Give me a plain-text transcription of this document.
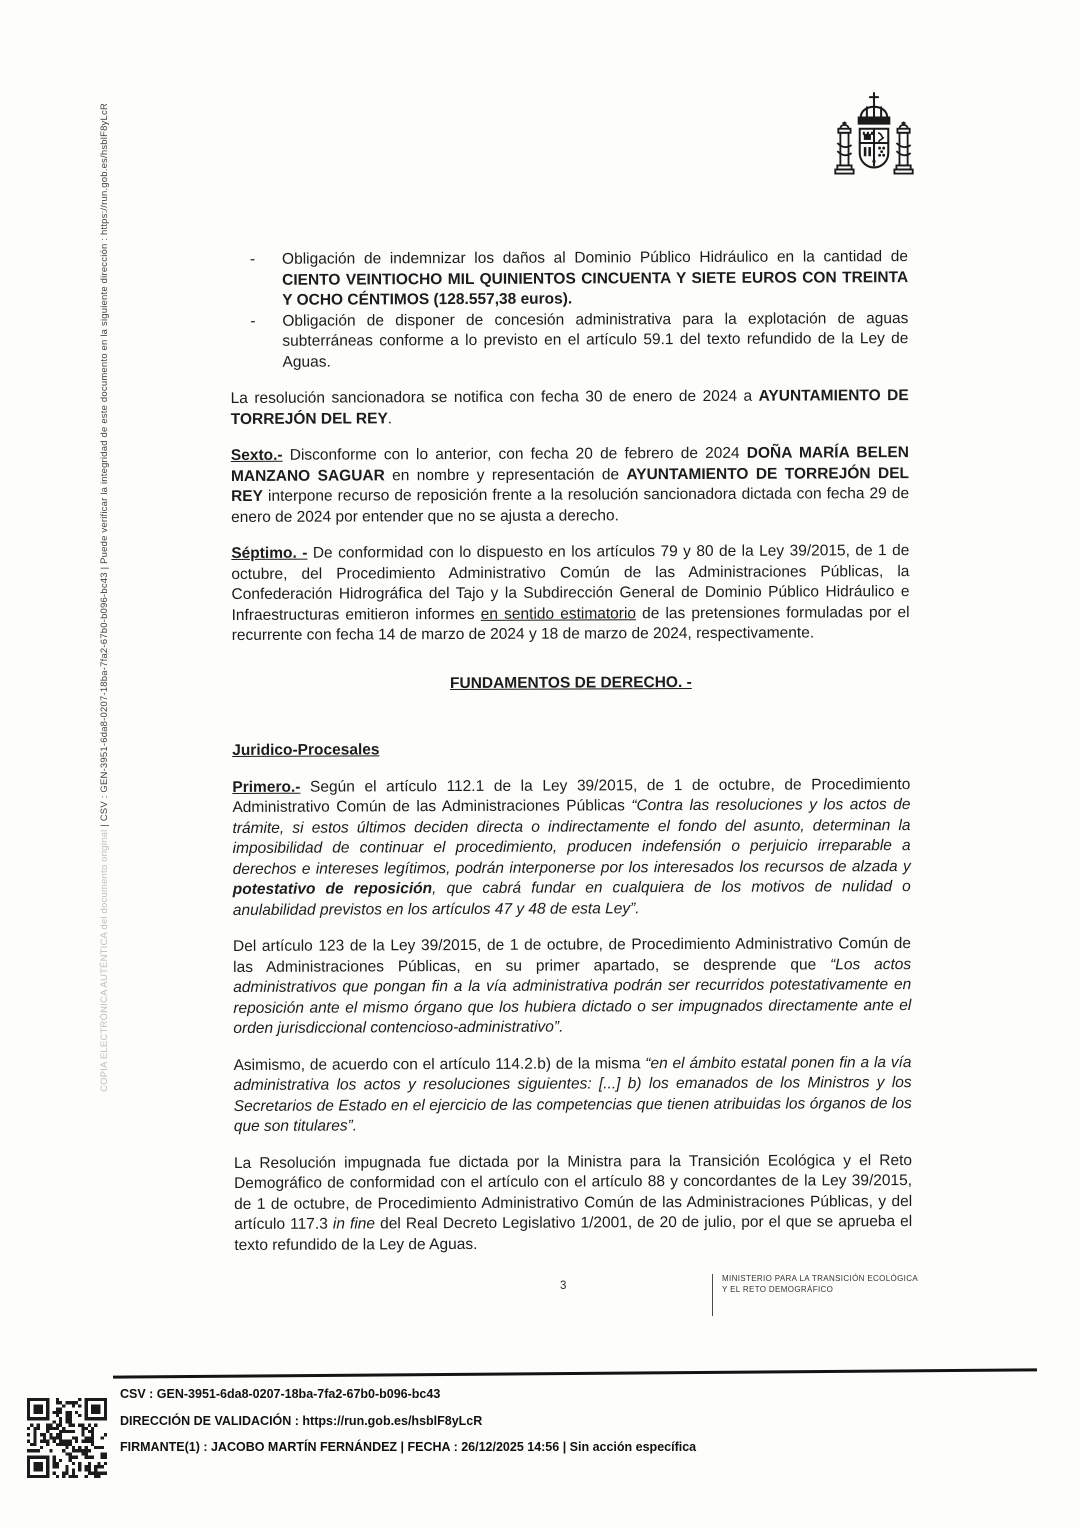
COPIA ELECTRÓNICA AUTÉNTICA del documento original | CSV : GEN-3951-6da8-0207-18ba-7fa2-67b0-b096-bc43 | Puede verificar la integridad de este documento en la siguiente dirección : https://run.gob.es/hsblF8yLcR	-	Obligación de indemnizar los daños al Dominio Público Hidráulico en la cantidad de CIENTO VEINTIOCHO MIL QUINIENTOS CINCUENTA Y SIETE EUROS CON TREINTA Y OCHO CÉNTIMOS (128.557,38 euros).
-	Obligación de disponer de concesión administrativa para la explotación de aguas subterráneas conforme a lo previsto en el artículo 59.1 del texto refundido de la Ley de Aguas.

La resolución sancionadora se notifica con fecha 30 de enero de 2024 a AYUNTAMIENTO DE TORREJÓN DEL REY.

Sexto.- Disconforme con lo anterior, con fecha 20 de febrero de 2024 DOÑA MARÍA BELEN MANZANO SAGUAR en nombre y representación de AYUNTAMIENTO DE TORREJÓN DEL REY interpone recurso de reposición frente a la resolución sancionadora dictada con fecha 29 de enero de 2024 por entender que no se ajusta a derecho.

Séptimo. - De conformidad con lo dispuesto en los artículos 79 y 80 de la Ley 39/2015, de 1 de octubre, del Procedimiento Administrativo Común de las Administraciones Públicas, la Confederación Hidrográfica del Tajo y la Subdirección General de Dominio Público Hidráulico e Infraestructuras emitieron informes en sentido estimatorio de las pretensiones formuladas por el recurrente con fecha 14 de marzo de 2024 y 18 de marzo de 2024, respectivamente.

FUNDAMENTOS DE DERECHO. -

Juridico-Procesales

Primero.- Según el artículo 112.1 de la Ley 39/2015, de 1 de octubre, de Procedimiento Administrativo Común de las Administraciones Públicas “Contra las resoluciones y los actos de trámite, si estos últimos deciden directa o indirectamente el fondo del asunto, determinan la imposibilidad de continuar el procedimiento, producen indefensión o perjuicio irreparable a derechos e intereses legítimos, podrán interponerse por los interesados los recursos de alzada y potestativo de reposición, que cabrá fundar en cualquiera de los motivos de nulidad o anulabilidad previstos en los artículos 47 y 48 de esta Ley”.

Del artículo 123 de la Ley 39/2015, de 1 de octubre, de Procedimiento Administrativo Común de las Administraciones Públicas, en su primer apartado, se desprende que “Los actos administrativos que pongan fin a la vía administrativa podrán ser recurridos potestativamente en reposición ante el mismo órgano que los hubiera dictado o ser impugnados directamente ante el orden jurisdiccional contencioso-administrativo”.

Asimismo, de acuerdo con el artículo 114.2.b) de la misma “en el ámbito estatal ponen fin a la vía administrativa los actos y resoluciones siguientes: [...] b) los emanados de los Ministros y los Secretarios de Estado en el ejercicio de las competencias que tienen atribuidas los órganos de los que son titulares”.

La Resolución impugnada fue dictada por la Ministra para la Transición Ecológica y el Reto Demográfico de conformidad con el artículo con el artículo 88 y concordantes de la Ley 39/2015, de 1 de octubre, de Procedimiento Administrativo Común de las Administraciones Públicas, y del artículo 117.3 in fine del Real Decreto Legislativo 1/2001, de 20 de julio, por el que se aprueba el texto refundido de la Ley de Aguas.

3
MINISTERIO PARA LA TRANSICIÓN ECOLÓGICA
Y EL RETO DEMOGRÁFICO
CSV : GEN-3951-6da8-0207-18ba-7fa2-67b0-b096-bc43
DIRECCIÓN DE VALIDACIÓN : https://run.gob.es/hsblF8yLcR
FIRMANTE(1) : JACOBO MARTÍN FERNÁNDEZ | FECHA : 26/12/2025 14:56 | Sin acción específica
